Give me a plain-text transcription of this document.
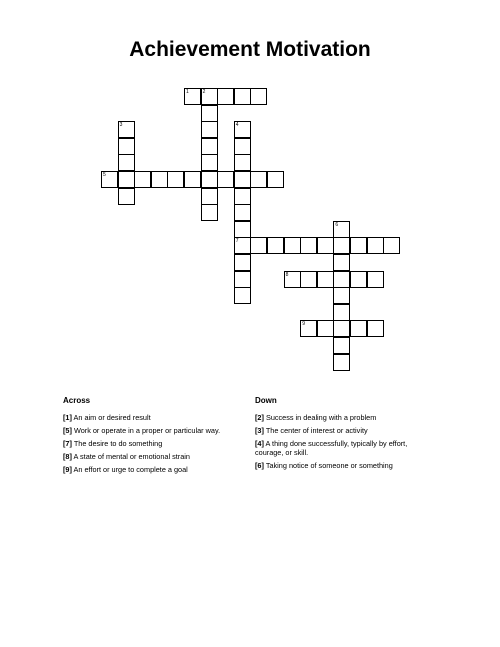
Achievement Motivation
1	2
3	4
7
5
6
8
9
Across
[1] An aim or desired result
[5] Work or operate in a proper or particular way.
[7] The desire to do something
[8] A state of mental or emotional strain
[9] An effort or urge to complete a goal
Down
[2] Success in dealing with a problem
[3] The center of interest or activity
[4] A thing done successfully, typically by effort, courage, or skill.
[6] Taking notice of someone or something
